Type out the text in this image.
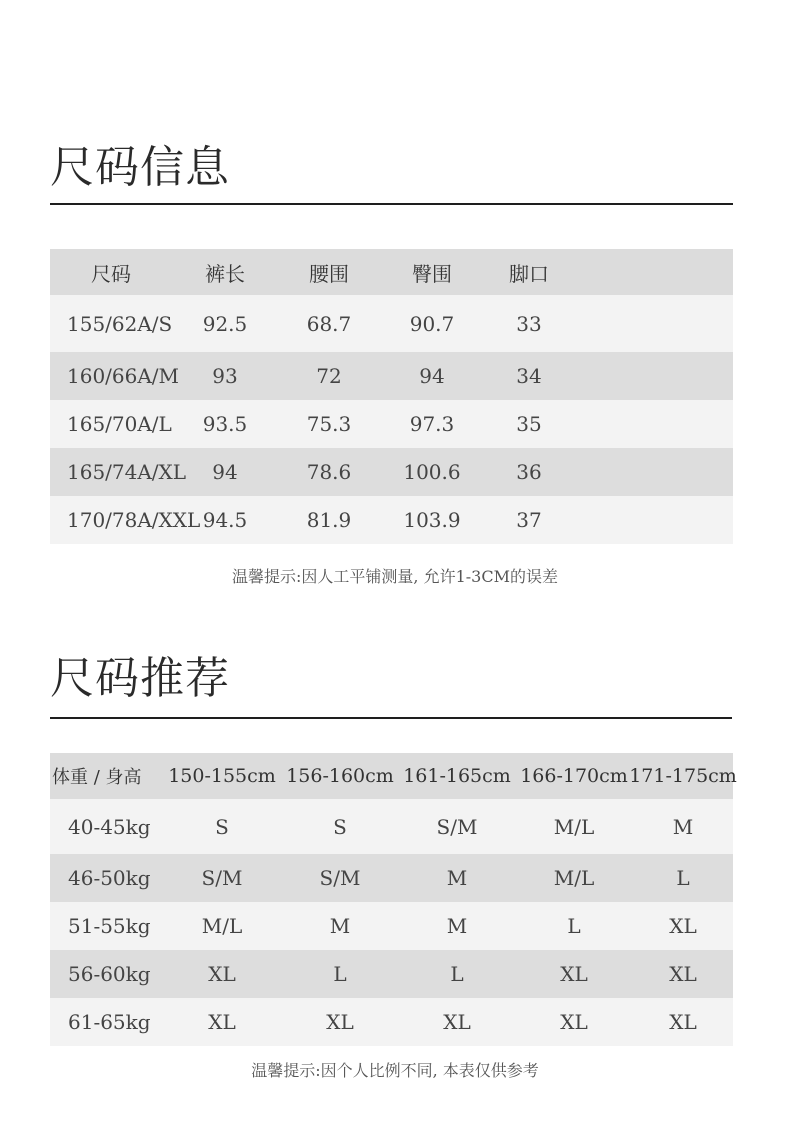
尺码信息
尺码	裤长	腰围	臀围	脚口
155/62A/S	92.5	68.7	90.7	33
160/66A/M	93	72	94	34
165/70A/L	93.5	75.3	97.3	35
165/74A/XL	94	78.6	100.6	36
170/78A/XXL 94.5	81.9	103.9	37
温馨提示:因人工平铺测量, 允许1-3CM的误差
尺码推荐
体重 / 身高	150-155cm 156-160cm 161-165cm 166-170cm 171-175cm
40-45kg	S	S	S/M	M/L	M
46-50kg	S/M	S/M	M	M/L	L
51-55kg	M/L	M	M	L	XL
56-60kg	XL	L	L	XL	XL
61-65kg	XL	XL	XL	XL	XL
温馨提示:因个人比例不同, 本表仅供参考
